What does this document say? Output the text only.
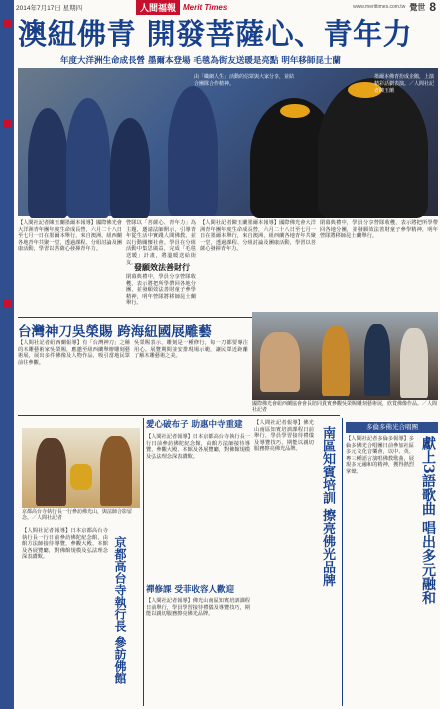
2014年7月17日 星期四	人間福報 Merit Times	www.merittimes.com.tw 覺世 8
澳紐佛青 開發菩薩心、青年力
年度大洋洲生命成長營 墨爾本登場 毛毯為街友送暖是亮點 明年移師昆士蘭
由「織網人生」活動的信眾與大家分享，並結合團隊合作精神。
墨爾本佛青扮成企鵝，上演精彩話劇表演。／人間社記者陳玉蘭

【人間社記者陳玉蘭墨爾本報導】國際佛光會大洋洲青年團年度生命成長營，六月二十八日至七月一日在墨爾本舉行，來自澳洲、紐西蘭各地青年共聚一堂，透過課程、分組討論及團康活動，學習以菩薩心發揮青年力。

營隊以「菩薩心、青年力」為主題，邀請法師開示，引導青年從生活中實踐人間佛教，並以行動關懷社會。學員在分組活動中集思廣益，完成「毛毯送暖」計畫，將溫暖送給街友。

發願效法善財行

閉幕典禮中，學員分享營隊收穫，表示將把所學帶回各地分團，並發願效法善財童子參學精神，明年營隊將移師昆士蘭舉行。

【人間社記者陳玉蘭墨爾本報導】國際佛光會大洋洲青年團年度生命成長營，六月二十八日至七月一日在墨爾本舉行，來自澳洲、紐西蘭各地青年共聚一堂，透過課程、分組討論及團康活動，學習以菩薩心發揮青年力。

閉幕典禮中，學員分享營隊收穫，表示將把所學帶回各地分團，並發願效法善財童子參學精神，明年營隊將移師昆士蘭舉行。

台灣神刀吳榮賜 跨海紐國展雕藝
國際佛光會紐西蘭協會會長陪同貴賓參觀吳榮賜雕刻藝術展，欣賞佛像作品。／人間社記者

【人間社記者紐西蘭報導】有「台灣神刀」之稱的木雕藝術家吳榮賜，應邀至紐西蘭舉辦雕刻藝術展，展出多件佛像及人物作品，吸引當地民眾前往參觀。

吳榮賜表示，雕刻是一種修行，每一刀都要專注用心。展覽期間並安排現場示範，讓民眾近距離了解木雕藝術之美。

愛心破布子 助惠中寺重建
京都高台寺執行長一行參訪佛光山，與法師合影留念。／人間社記者
京都高台寺執行長 參訪佛館

【人間社記者報導】日本京都高台寺執行長一行日前參訪佛陀紀念館，由館方法師接待導覽，參觀大殿、本館及各展覽廳，對佛館規模及弘法理念深表讚歎。

【人間社記者報導】日本京都高台寺執行長一行日前參訪佛陀紀念館，由館方法師接待導覽，參觀大殿、本館及各展覽廳，對佛館規模及弘法理念深表讚歎。

禪修課 受菲收容人歡迎

【人間社記者報導】佛光山南區知賓培訓課程日前舉行，學員學習接待禮儀及導覽技巧，期能以親切服務擦亮佛光品牌。

南區知賓培訓 擦亮佛光品牌

【人間社記者報導】佛光山南區知賓培訓課程日前舉行，學員學習接待禮儀及導覽技巧，期能以親切服務擦亮佛光品牌。

多倫多佛光合唱團
獻上3語歌曲 唱出多元融和

【人間社記者多倫多報導】多倫多佛光合唱團日前參加社區多元文化音樂會，以中、英、粵三種語言演唱佛教歌曲，展現多元融和的精神，獲得熱烈掌聲。
